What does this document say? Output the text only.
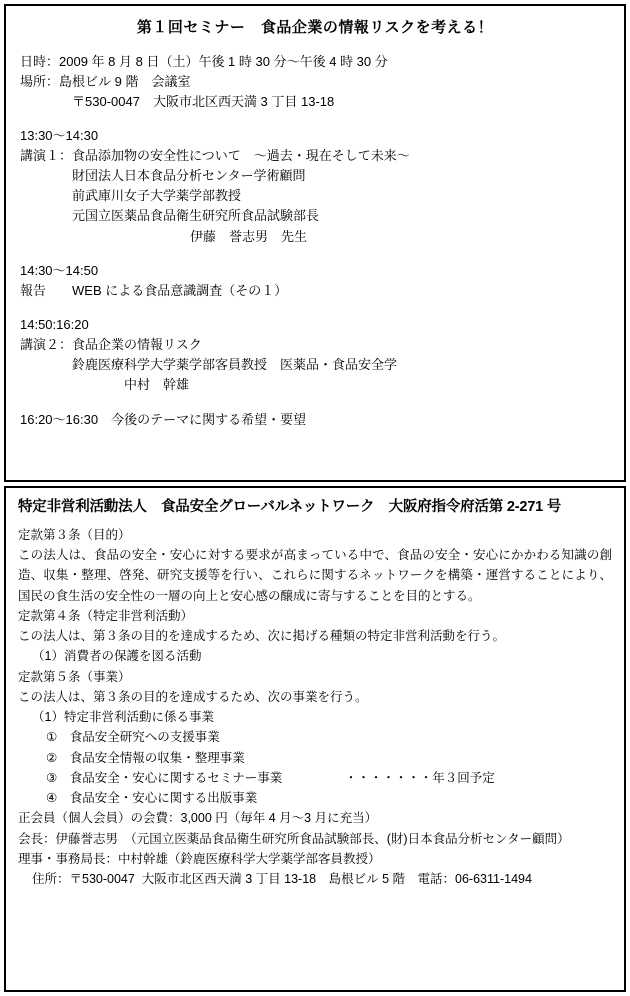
第１回セミナー　食品企業の情報リスクを考える！

日時：2009 年 8 月 8 日（土）午後 1 時 30 分～午後 4 時 30 分

場所：島根ビル 9 階　会議室

〒530-0047　大阪市北区西天満 3 丁目 13-18

13:30～14:30

講演１：食品添加物の安全性について　～過去・現在そして未来～

財団法人日本食品分析センター学術顧問

前武庫川女子大学薬学部教授

元国立医薬品食品衛生研究所食品試験部長

伊藤　誉志男　先生

14:30～14:50

報告　　WEB による食品意識調査（その１）

14:50:16:20

講演２：食品企業の情報リスク

鈴鹿医療科学大学薬学部客員教授　医薬品・食品安全学

中村　幹雄

16:20～16:30　今後のテーマに関する希望・要望

特定非営利活動法人　食品安全グローバルネットワーク　大阪府指令府活第 2-271 号

定款第３条（目的）

この法人は、食品の安全・安心に対する要求が高まっている中で、食品の安全・安心にかかわる知識の創造、収集・整理、啓発、研究支援等を行い、これらに関するネットワークを構築・運営することにより、国民の食生活の安全性の一層の向上と安心感の醸成に寄与することを目的とする。

定款第４条（特定非営利活動）

この法人は、第３条の目的を達成するため、次に掲げる種類の特定非営利活動を行う。

（1）消費者の保護を図る活動

定款第５条（事業）

この法人は、第３条の目的を達成するため、次の事業を行う。

（1）特定非営利活動に係る事業

①　食品安全研究への支援事業

②　食品安全情報の収集・整理事業

③　食品安全・安心に関するセミナー事業　　　　　・・・・・・・年３回予定

④　食品安全・安心に関する出版事業

正会員（個人会員）の会費：3,000 円（毎年 4 月～3 月に充当）

会長：伊藤誉志男　（元国立医薬品食品衛生研究所食品試験部長、(財)日本食品分析センター顧問）

理事・事務局長：中村幹雄（鈴鹿医療科学大学薬学部客員教授）

住所：〒530-0047  大阪市北区西天満 3 丁目 13-18　島根ビル 5 階　電話：06-6311-1494
